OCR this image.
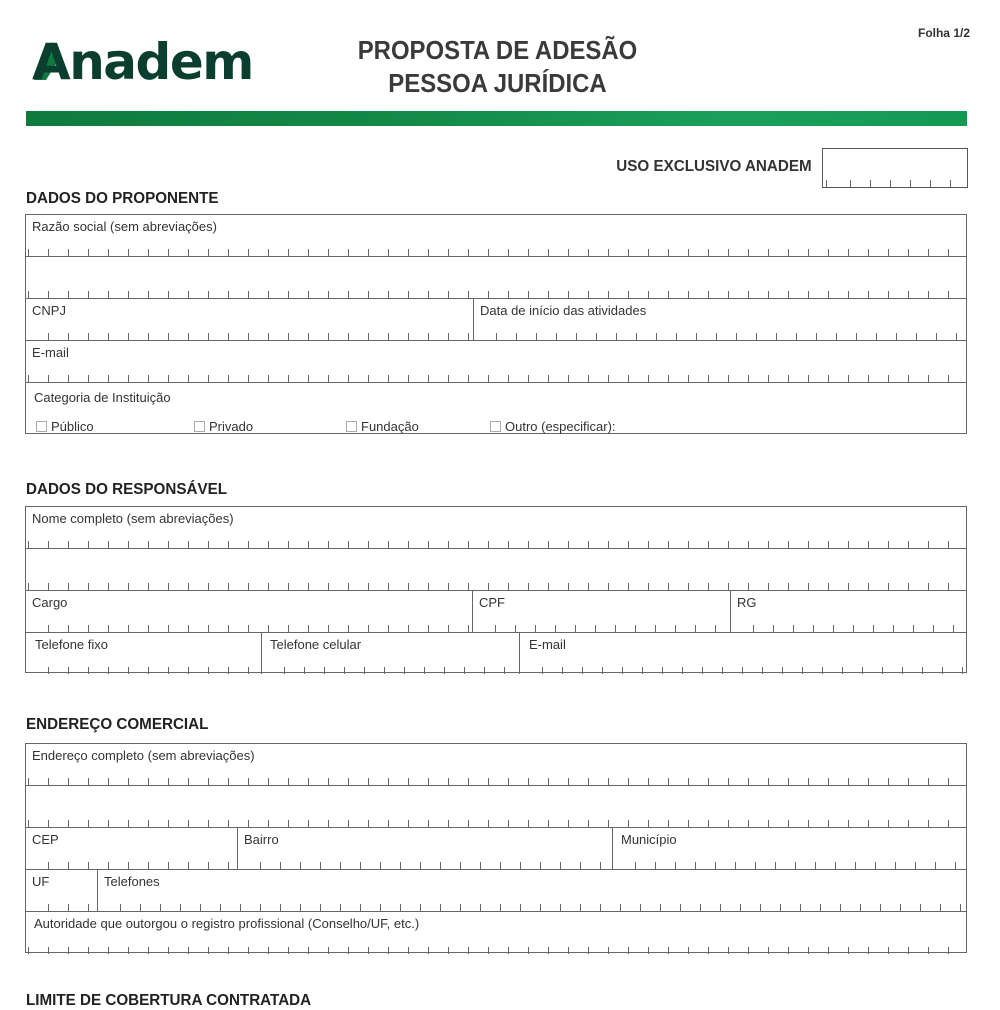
Anadem	PROPOSTA DE ADESÃO
PESSOA JURÍDICA
Folha 1/2
USO EXCLUSIVO ANADEM
DADOS DO PROPONENTE
Razão social (sem abreviações)
CNPJ	Data de início das atividades
E-mail
Categoria de Instituição
Público	Privado	Fundação	Outro (especificar):
DADOS DO RESPONSÁVEL
Nome completo (sem abreviações)
Cargo	CPF	RG
Telefone fixo	Telefone celular	E-mail
ENDEREÇO COMERCIAL
Endereço completo (sem abreviações)
CEP	Bairro	Município
UF	Telefones
Autoridade que outorgou o registro profissional (Conselho/UF, etc.)
LIMITE DE COBERTURA CONTRATADA
